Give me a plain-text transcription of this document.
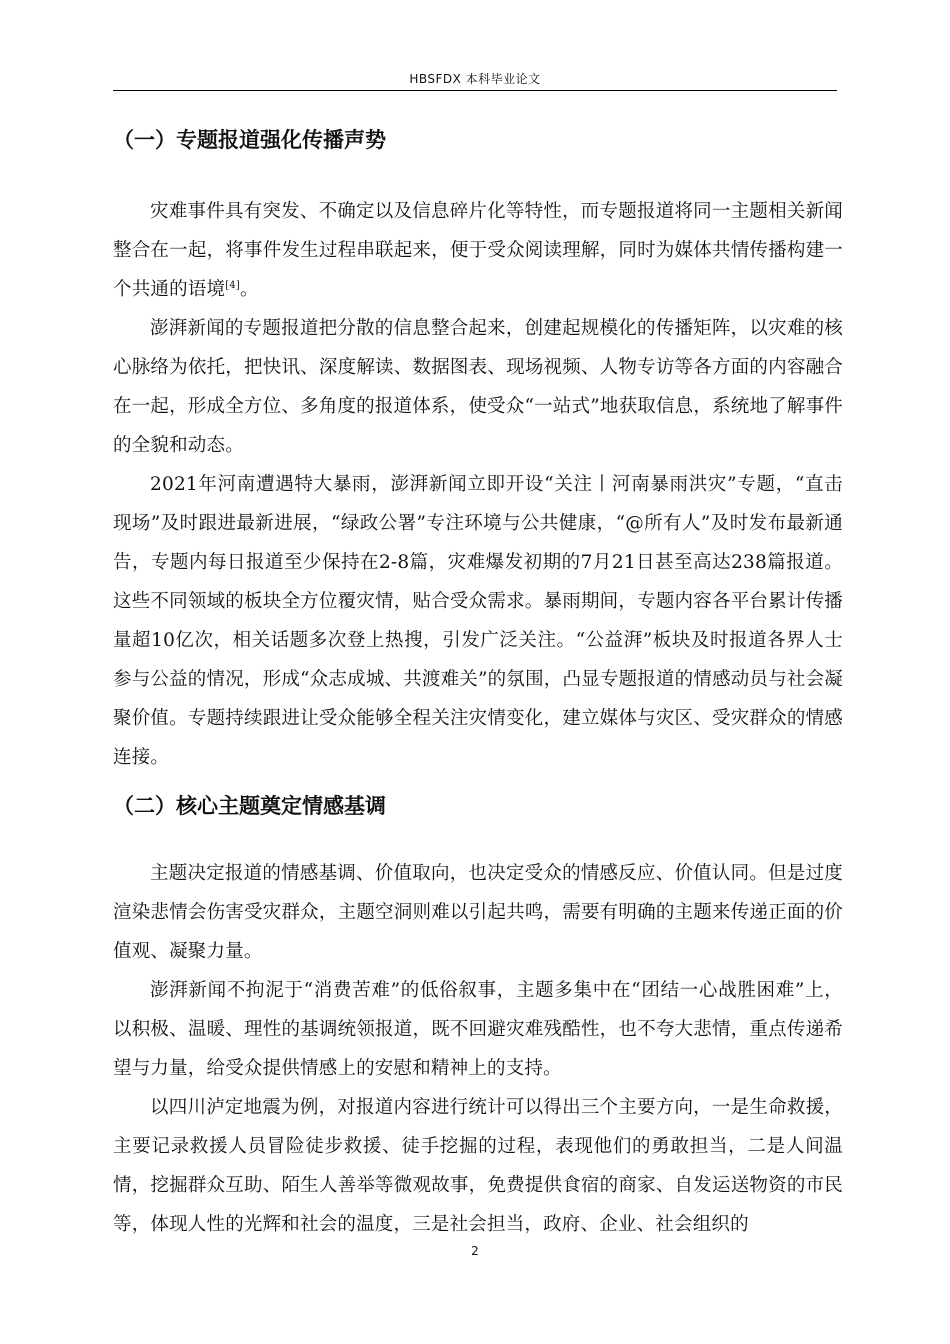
HBSFDX 本科毕业论文
（一）专题报道强化传播声势

灾难事件具有突发、不确定以及信息碎片化等特性，而专题报道将同一主题相关新闻整合在一起，将事件发生过程串联起来，便于受众阅读理解，同时为媒体共情传播构建一个共通的语境[4]。

澎湃新闻的专题报道把分散的信息整合起来，创建起规模化的传播矩阵，以灾难的核心脉络为依托，把快讯、深度解读、数据图表、现场视频、人物专访等各方面的内容融合在一起，形成全方位、多角度的报道体系，使受众“一站式”地获取信息，系统地了解事件的全貌和动态。

2021年河南遭遇特大暴雨，澎湃新闻立即开设“关注丨河南暴雨洪灾”专题，“直击现场”及时跟进最新进展，“绿政公署”专注环境与公共健康，“@所有人”及时发布最新通告，专题内每日报道至少保持在2-8篇，灾难爆发初期的7月21日甚至高达238篇报道。这些不同领域的板块全方位覆灾情，贴合受众需求。暴雨期间，专题内容各平台累计传播量超10亿次，相关话题多次登上热搜，引发广泛关注。“公益湃”板块及时报道各界人士参与公益的情况，形成“众志成城、共渡难关”的氛围，凸显专题报道的情感动员与社会凝聚价值。专题持续跟进让受众能够全程关注灾情变化，建立媒体与灾区、受灾群众的情感连接。

（二）核心主题奠定情感基调

主题决定报道的情感基调、价值取向，也决定受众的情感反应、价值认同。但是过度渲染悲情会伤害受灾群众，主题空洞则难以引起共鸣，需要有明确的主题来传递正面的价值观、凝聚力量。

澎湃新闻不拘泥于“消费苦难”的低俗叙事，主题多集中在“团结一心战胜困难”上，以积极、温暖、理性的基调统领报道，既不回避灾难残酷性，也不夸大悲情，重点传递希望与力量，给受众提供情感上的安慰和精神上的支持。

以四川泸定地震为例，对报道内容进行统计可以得出三个主要方向，一是生命救援，主要记录救援人员冒险徒步救援、徒手挖掘的过程，表现他们的勇敢担当，二是人间温情，挖掘群众互助、陌生人善举等微观故事，免费提供食宿的商家、自发运送物资的市民等，体现人性的光辉和社会的温度，三是社会担当，政府、企业、社会组织的

2
